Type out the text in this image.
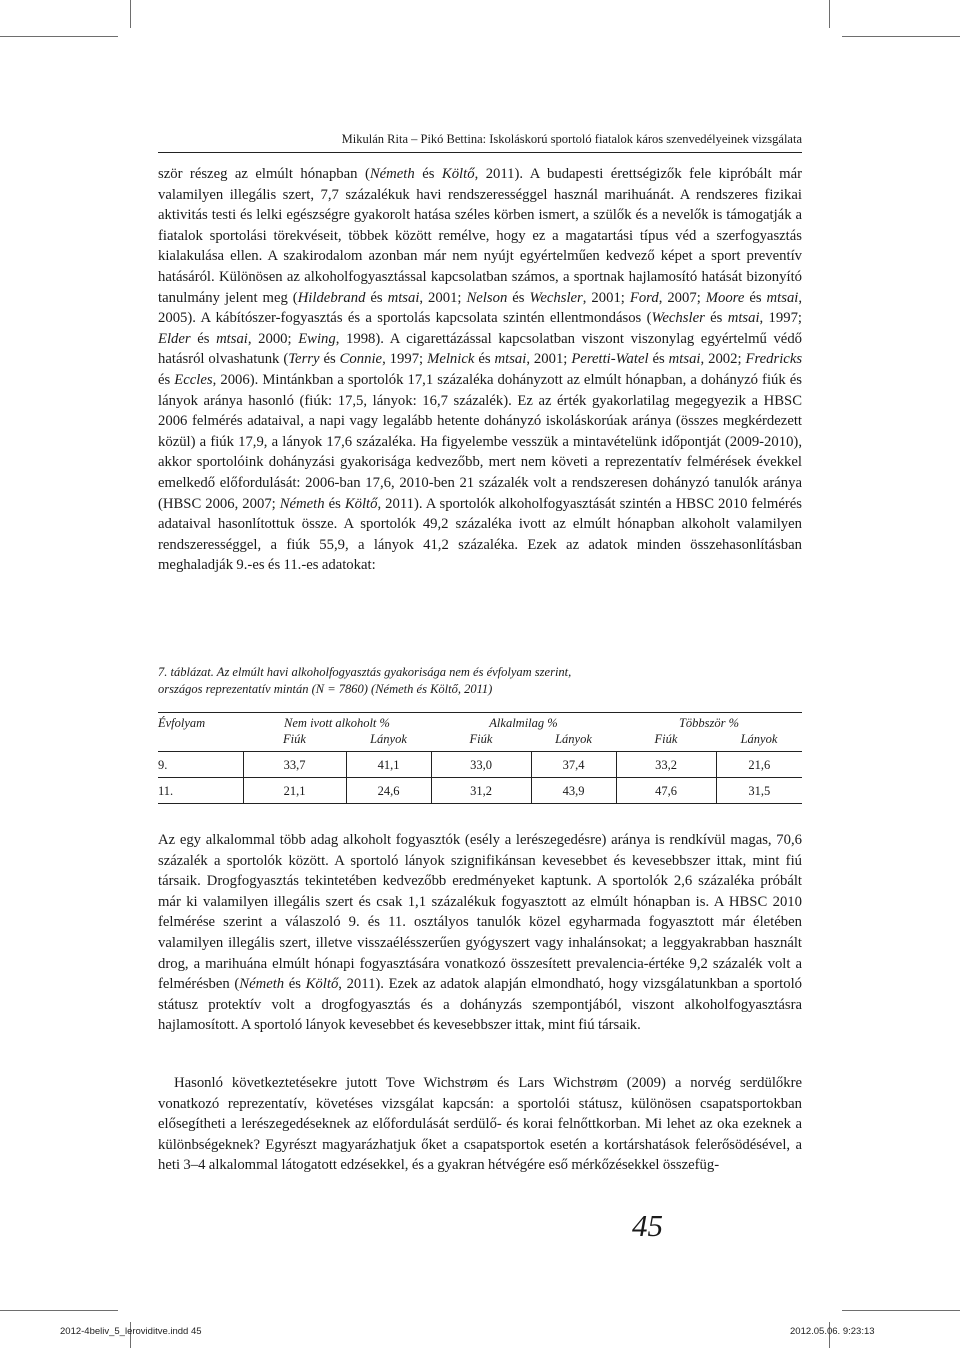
Mikulán Rita – Pikó Bettina: Iskoláskorú sportoló fiatalok káros szenvedélyeinek vizsgálata

ször részeg az elmúlt hónapban (Németh és Költő, 2011). A budapesti érettségizők fele kipróbált már valamilyen illegális szert, 7,7 százalékuk havi rendszerességgel használ marihuánát. A rendszeres fizikai aktivitás testi és lelki egészségre gyakorolt hatása széles körben ismert, a szülők és a nevelők is támogatják a fiatalok sportolási törekvéseit, többek között remélve, hogy ez a magatartási típus véd a szerfogyasztás kialakulása ellen. A szakirodalom azonban már nem nyújt egyértelműen kedvező képet a sport preventív hatásáról. Különösen az alkoholfogyasztással kapcsolatban számos, a sportnak hajlamosító hatását bizonyító tanulmány jelent meg (Hildebrand és mtsai, 2001; Nelson és Wechsler, 2001; Ford, 2007; Moore és mtsai, 2005). A kábítószer-fogyasztás és a sportolás kapcsolata szintén ellentmondásos (Wechsler és mtsai, 1997; Elder és mtsai, 2000; Ewing, 1998). A cigarettázással kapcsolatban viszont viszonylag egyértelmű védő hatásról olvashatunk (Terry és Connie, 1997; Melnick és mtsai, 2001; Peretti-Watel és mtsai, 2002; Fredricks és Eccles, 2006). Mintánkban a sportolók 17,1 százaléka dohányzott az elmúlt hónapban, a dohányzó fiúk és lányok aránya hasonló (fiúk: 17,5, lányok: 16,7 százalék). Ez az érték gyakorlatilag megegyezik a HBSC 2006 felmérés adataival, a napi vagy legalább hetente dohányzó iskoláskorúak aránya (összes megkérdezett közül) a fiúk 17,9, a lányok 17,6 százaléka. Ha figyelembe vesszük a mintavételünk időpontját (2009-2010), akkor sportolóink dohányzási gyakorisága kedvezőbb, mert nem követi a reprezentatív felmérések évekkel emelkedő előfordulását: 2006-ban 17,6, 2010-ben 21 százalék volt a rendszeresen dohányzó tanulók aránya (HBSC 2006, 2007; Németh és Költő, 2011). A sportolók alkoholfogyasztását szintén a HBSC 2010 felmérés adataival hasonlítottuk össze. A sportolók 49,2 százaléka ivott az elmúlt hónapban alkoholt valamilyen rendszerességgel, a fiúk 55,9, a lányok 41,2 százaléka. Ezek az adatok minden összehasonlításban meghaladják 9.-es és 11.-es adatokat:

7. táblázat. Az elmúlt havi alkoholfogyasztás gyakorisága nem és évfolyam szerint,
országos reprezentatív mintán (N = 7860) (Németh és Költő, 2011)
Évfolyam	Nem ivott alkoholt %		Alkalmilag %		Többször %	
	Fiúk	Lányok	Fiúk	Lányok	Fiúk	Lányok
9.	33,7	41,1	33,0	37,4	33,2	21,6
11.	21,1	24,6	31,2	43,9	47,6	31,5

Az egy alkalommal több adag alkoholt fogyasztók (esély a lerészegedésre) aránya is rendkívül magas, 70,6 százalék a sportolók között. A sportoló lányok szignifikánsan kevesebbet és kevesebbszer ittak, mint fiú társaik. Drogfogyasztás tekintetében kedvezőbb eredményeket kaptunk. A sportolók 2,6 százaléka próbált már ki valamilyen illegális szert és csak 1,1 százalékuk fogyasztott az elmúlt hónapban is. A HBSC 2010 felmérése szerint a válaszoló 9. és 11. osztályos tanulók közel egyharmada fogyasztott már életében valamilyen illegális szert, illetve visszaélésszerűen gyógyszert vagy inhalánsokat; a leggyakrabban használt drog, a marihuána elmúlt hónapi fogyasztására vonatkozó összesített prevalencia-értéke 9,2 százalék volt a felmérésben (Németh és Költő, 2011). Ezek az adatok alapján elmondható, hogy vizsgálatunkban a sportoló státusz protektív volt a drogfogyasztás és a dohányzás szempontjából, viszont alkoholfogyasztásra hajlamosított. A sportoló lányok kevesebbet és kevesebbszer ittak, mint fiú társaik.

Hasonló következtetésekre jutott Tove Wichstrøm és Lars Wichstrøm (2009) a norvég serdülőkre vonatkozó reprezentatív, követéses vizsgálat kapcsán: a sportolói státusz, különösen csapatsportokban elősegítheti a lerészegedéseknek az előfordulását serdülő- és korai felnőttkorban. Mi lehet az oka ezeknek a különbségeknek? Egyrészt magyarázhatjuk őket a csapatsportok esetén a kortárshatások felerősödésével, a heti 3–4 alkalommal látogatott edzésekkel, és a gyakran hétvégére eső mérkőzésekkel összefüg-

45
2012-4beliv_5_leroviditve.indd 45	2012.05.06. 9:23:13
